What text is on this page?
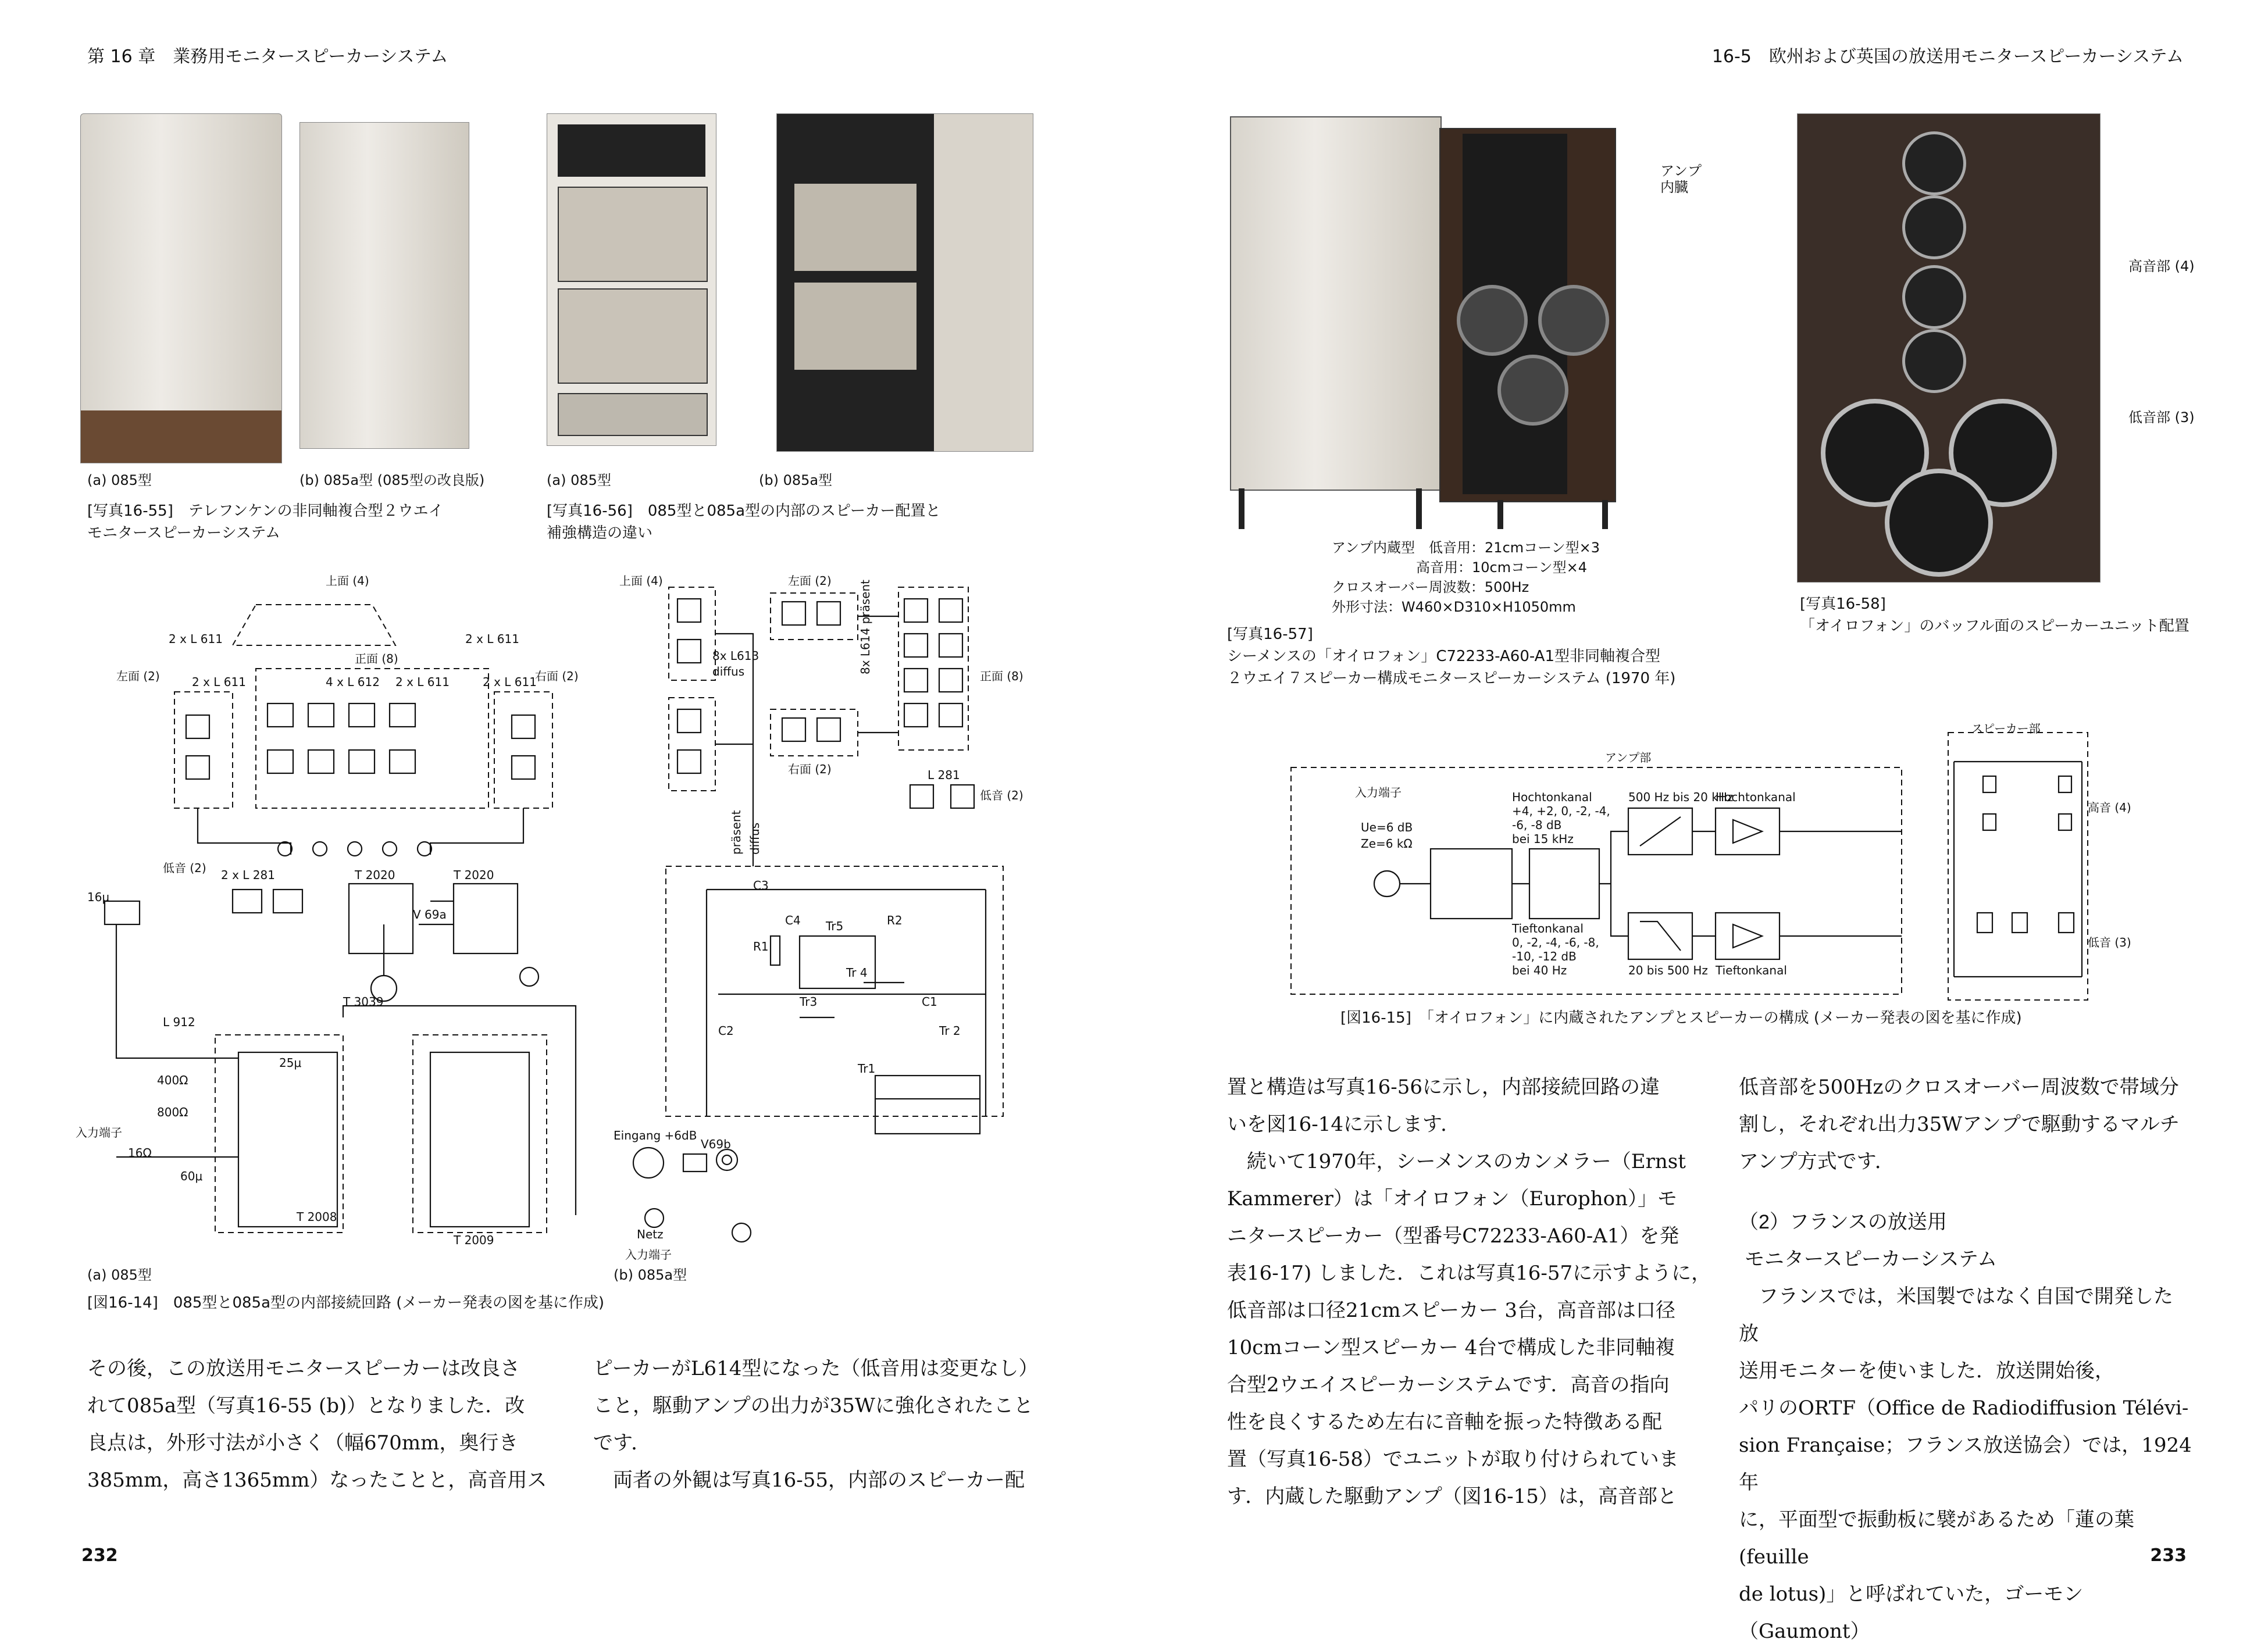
第 16 章　業務用モニタースピーカーシステム
(a) 085型	(b) 085a型 (085型の改良版)
[写真16-55]　テレフンケンの非同軸複合型２ウエイ
モニタースピーカーシステム
(a) 085型	(b) 085a型
[写真16-56]　085型と085a型の内部のスピーカー配置と
補強構造の違い
上面 (4)
2 x L 611	2 x L 611
正面 (8)
左面 (2)	右面 (2)
2 x L 611	4 x L 612 2 x L 611	2 x L 611
低音 (2) 2 x L 281	T 2020	T 2020
V 69a
16μ
T 3039
L 912
400Ω
800Ω
16Ω
25μ
60μ
入力端子
T 2008
T 2009
上面 (4)	左面 (2)
8x L613
diffus	8x L614 präsent
正面 (8)
右面 (2)	L 281
低音 (2)
präsent diffus
C3
C4
R1
R2
Tr5
Tr 4
Tr3	C1
C2	Tr 2
Tr1
Eingang +6dB
V69b
Netz
入力端子
(a) 085型	(b) 085a型
[図16-14]　085型と085a型の内部接続回路 (メーカー発表の図を基に作成)
その後，この放送用モニタースピーカーは改良さ
れて085a型（写真16-55 (b)）となりました．改
良点は，外形寸法が小さく（幅670mm，奥行き
385mm，高さ1365mm）なったことと，高音用ス
ピーカーがL614型になった（低音用は変更なし）
こと，駆動アンプの出力が35Wに強化されたこと
です．
　両者の外観は写真16-55，内部のスピーカー配
232
16-5　欧州および英国の放送用モニタースピーカーシステム
アンプ
内臓
アンプ内蔵型　低音用：21cmコーン型×3
高音用：10cmコーン型×4
クロスオーバー周波数：500Hz
外形寸法：W460×D310×H1050mm
[写真16-57]
シーメンスの「オイロフォン」C72233-A60-A1型非同軸複合型
２ウエイ７スピーカー構成モニタースピーカーシステム (1970 年)
高音部 (4)
低音部 (3)
[写真16-58]
「オイロフォン」のバッフル面のスピーカーユニット配置
アンプ部
スピーカー部
入力端子
Ue=6 dB
Ze=6 kΩ
Hochtonkanal
+4, +2, 0, -2, -4,
-6, -8 dB
bei 15 kHz
Tieftonkanal
0, -2, -4, -6, -8,
-10, -12 dB
bei 40 Hz
500 Hz bis 20 kHz
Hochtonkanal
20 bis 500 Hz Tieftonkanal
高音 (4)
低音 (3)
[図16-15]　「オイロフォン」に内蔵されたアンプとスピーカーの構成 (メーカー発表の図を基に作成)
置と構造は写真16-56に示し，内部接続回路の違
いを図16-14に示します．
　続いて1970年，シーメンスのカンメラー（Ernst
Kammerer）は「オイロフォン（Europhon）」モ
ニタースピーカー（型番号C72233-A60-A1）を発
表16-17) しました．これは写真16-57に示すように，
低音部は口径21cmスピーカー 3台，高音部は口径
10cmコーン型スピーカー 4台で構成した非同軸複
合型2ウエイスピーカーシステムです．高音の指向
性を良くするため左右に音軸を振った特徴ある配
置（写真16-58）でユニットが取り付けられていま
す．内蔵した駆動アンプ（図16-15）は，高音部と
低音部を500Hzのクロスオーバー周波数で帯域分
割し，それぞれ出力35Wアンプで駆動するマルチ
アンプ方式です．
（2）フランスの放送用
モニタースピーカーシステム
　フランスでは，米国製ではなく自国で開発した放
送用モニターを使いました．放送開始後，
パリのORTF（Office de Radiodiffusion Télévi-
sion Française；フランス放送協会）では，1924年
に，平面型で振動板に襞があるため「蓮の葉(feuille
de lotus)」と呼ばれていた，ゴーモン（Gaumont）
233
